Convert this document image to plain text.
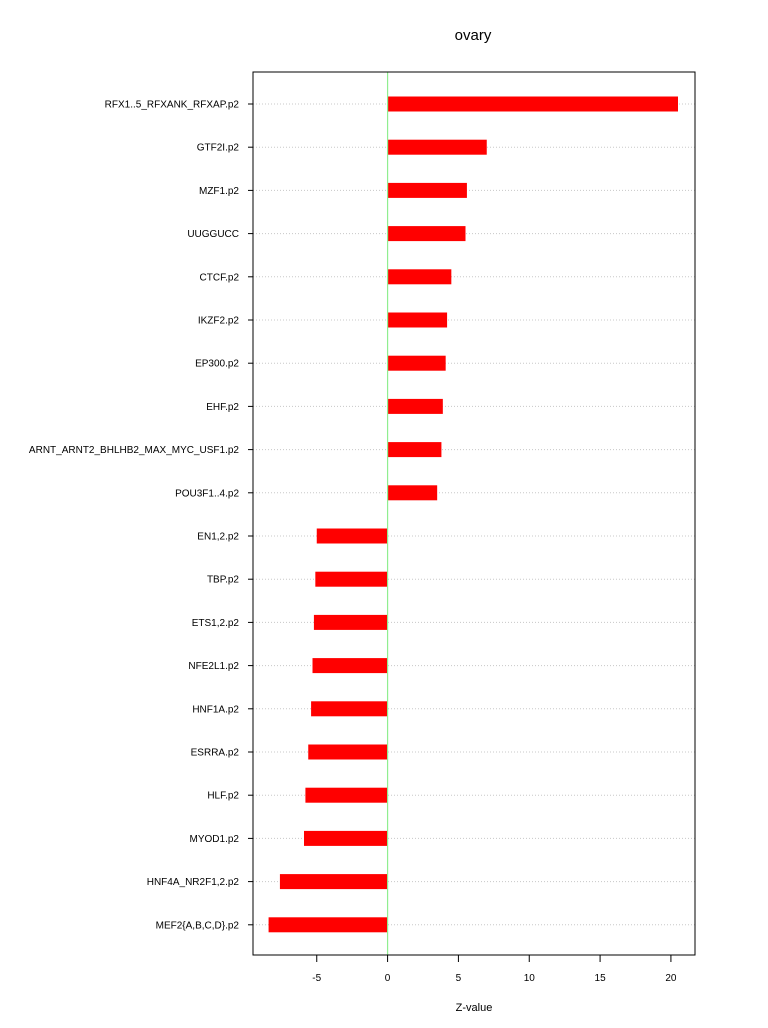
ovary
RFX1..5_RFXANK_RFXAP.p2
GTF2I.p2
MZF1.p2
UUGGUCC
CTCF.p2
IKZF2.p2
EP300.p2
EHF.p2
ARNT_ARNT2_BHLHB2_MAX_MYC_USF1.p2
POU3F1..4.p2
EN1,2.p2
TBP.p2
ETS1,2.p2
NFE2L1.p2
HNF1A.p2
ESRRA.p2
HLF.p2
MYOD1.p2
HNF4A_NR2F1,2.p2
MEF2{A,B,C,D}.p2
-5	0	5	10	15	20
Z-value
